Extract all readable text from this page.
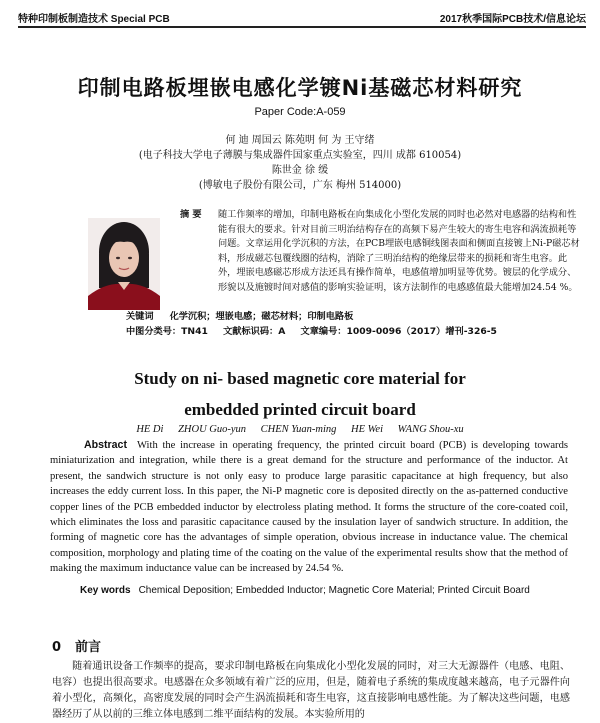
特种印制板制造技术 Special PCB	2017秋季国际PCB技术/信息论坛
印制电路板埋嵌电感化学镀Ni基磁芯材料研究
Paper Code:A-059
何 迪 周国云 陈苑明 何 为 王守绪
(电子科技大学电子薄膜与集成器件国家重点实验室，四川 成都 610054)
陈世金 徐 缓
(博敏电子股份有限公司，广东 梅州 514000)
摘 要 随工作频率的增加，印制电路板在向集成化小型化发展的同时也必然对电感器的结构和性能有很大的要求。针对目前三明治结构存在的高频下易产生较大的寄生电容和涡流损耗等问题。文章运用化学沉积的方法，在PCB埋嵌电感铜线图表面和侧面直接镀上Ni-P磁芯材料，形成磁芯包覆线圈的结构，消除了三明治结构的绝缘层带来的损耗和寄生电容。此外，埋嵌电感磁芯形成方法还具有操作简单，电感值增加明显等优势。镀层的化学成分、形貌以及施镀时间对感值的影响实验证明，该方法制作的电感感值最大能增加24.54 %。
关键词 化学沉积；埋嵌电感；磁芯材料；印制电路板
中图分类号：TN41 文献标识码：A 文章编号：1009-0096（2017）增刊-326-5
Study on ni- based magnetic core material for
embedded printed circuit board
HE Di ZHOU Guo-yun CHEN Yuan-ming HE Wei WANG Shou-xu
Abstract With the increase in operating frequency, the printed circuit board (PCB) is developing towards miniaturization and integration, while there is a great demand for the structure and performance of the inductor. At present, the sandwich structure is not only easy to produce large parasitic capacitance at high frequency, but also increases the eddy current loss. In this paper, the Ni-P magnetic core is deposited directly on the as-patterned conductive copper lines of the PCB embedded inductor by electroless plating method. It forms the structure of the core-coated coil, which eliminates the loss and parasitic capacitance caused by the insulation layer of sandwich structure. In addition, the forming of magnetic core has the advantages of simple operation, obvious increase in inductance value. The chemical composition, morphology and plating time of the coating on the value of the experimental results show that the method of making the maximum inductance value can be increased by 24.54 %.
Key words Chemical Deposition; Embedded Inductor; Magnetic Core Material; Printed Circuit Board
0 前言
随着通讯设备工作频率的提高，要求印制电路板在向集成化小型化发展的同时，对三大无源器件（电感、电阻、电容）也提出很高要求。电感器在众多领域有着广泛的应用，但是，随着电子系统的集成度越来越高，电子元器件向着小型化，高频化，高密度发展的同时会产生涡流损耗和寄生电容，这直接影响电感性能。为了解决这些问题，电感器经历了从以前的三维立体电感到二维平面结构的发展。本实验所用的
